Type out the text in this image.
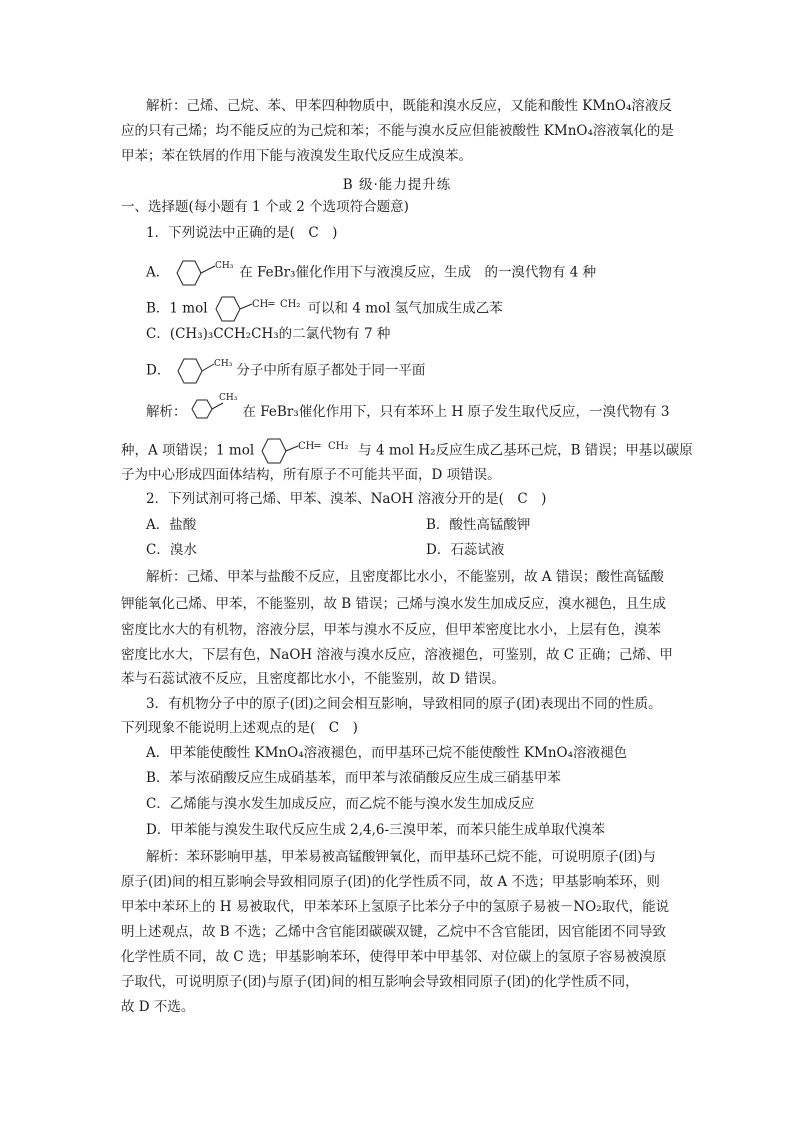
解析：己烯、己烷、苯、甲苯四种物质中，既能和溴水反应，又能和酸性 KMnO₄溶液反
应的只有己烯；均不能反应的为己烷和苯；不能与溴水反应但能被酸性 KMnO₄溶液氧化的是
甲苯；苯在铁屑的作用下能与液溴发生取代反应生成溴苯。
B 级·能力提升练
一、选择题(每小题有 1 个或 2 个选项符合题意)
1．下列说法中正确的是(　C　)
A．	CH₃ 在 FeBr₃催化作用下与液溴反应，生成　的一溴代物有 4 种
B．1 mol	CH═ CH₂ 可以和 4 mol 氢气加成生成乙苯
C．(CH₃)₃CCH₂CH₃的二氯代物有 7 种
D．	CH₃ 分子中所有原子都处于同一平面
解析：
CH₃
在 FeBr₃催化作用下，只有苯环上 H 原子发生取代反应，一溴代物有 3
种，A 项错误；1 mol	CH═ CH₂ 与 4 mol H₂反应生成乙基环己烷，B 错误；甲基以碳原
子为中心形成四面体结构，所有原子不可能共平面，D 项错误。
2．下列试剂可将己烯、甲苯、溴苯、NaOH 溶液分开的是(　C　)
A．盐酸	B．酸性高锰酸钾
C．溴水	D．石蕊试液
解析：己烯、甲苯与盐酸不反应，且密度都比水小，不能鉴别，故 A 错误；酸性高锰酸
钾能氧化己烯、甲苯，不能鉴别，故 B 错误；己烯与溴水发生加成反应，溴水褪色，且生成
密度比水大的有机物，溶液分层，甲苯与溴水不反应，但甲苯密度比水小，上层有色，溴苯
密度比水大，下层有色，NaOH 溶液与溴水反应，溶液褪色，可鉴别，故 C 正确；己烯、甲
苯与石蕊试液不反应，且密度都比水小，不能鉴别，故 D 错误。
3．有机物分子中的原子(团)之间会相互影响，导致相同的原子(团)表现出不同的性质。
下列现象不能说明上述观点的是(　C　)
A．甲苯能使酸性 KMnO₄溶液褪色，而甲基环己烷不能使酸性 KMnO₄溶液褪色
B．苯与浓硝酸反应生成硝基苯，而甲苯与浓硝酸反应生成三硝基甲苯
C．乙烯能与溴水发生加成反应，而乙烷不能与溴水发生加成反应
D．甲苯能与溴发生取代反应生成 2,4,6-三溴甲苯，而苯只能生成单取代溴苯
解析：苯环影响甲基，甲苯易被高锰酸钾氧化，而甲基环己烷不能，可说明原子(团)与
原子(团)间的相互影响会导致相同原子(团)的化学性质不同，故 A 不选；甲基影响苯环，则
甲苯中苯环上的 H 易被取代，甲苯苯环上氢原子比苯分子中的氢原子易被－NO₂取代，能说
明上述观点，故 B 不选；乙烯中含官能团碳碳双键，乙烷中不含官能团，因官能团不同导致
化学性质不同，故 C 选；甲基影响苯环，使得甲苯中甲基邻、对位碳上的氢原子容易被溴原
子取代，可说明原子(团)与原子(团)间的相互影响会导致相同原子(团)的化学性质不同，
故 D 不选。
